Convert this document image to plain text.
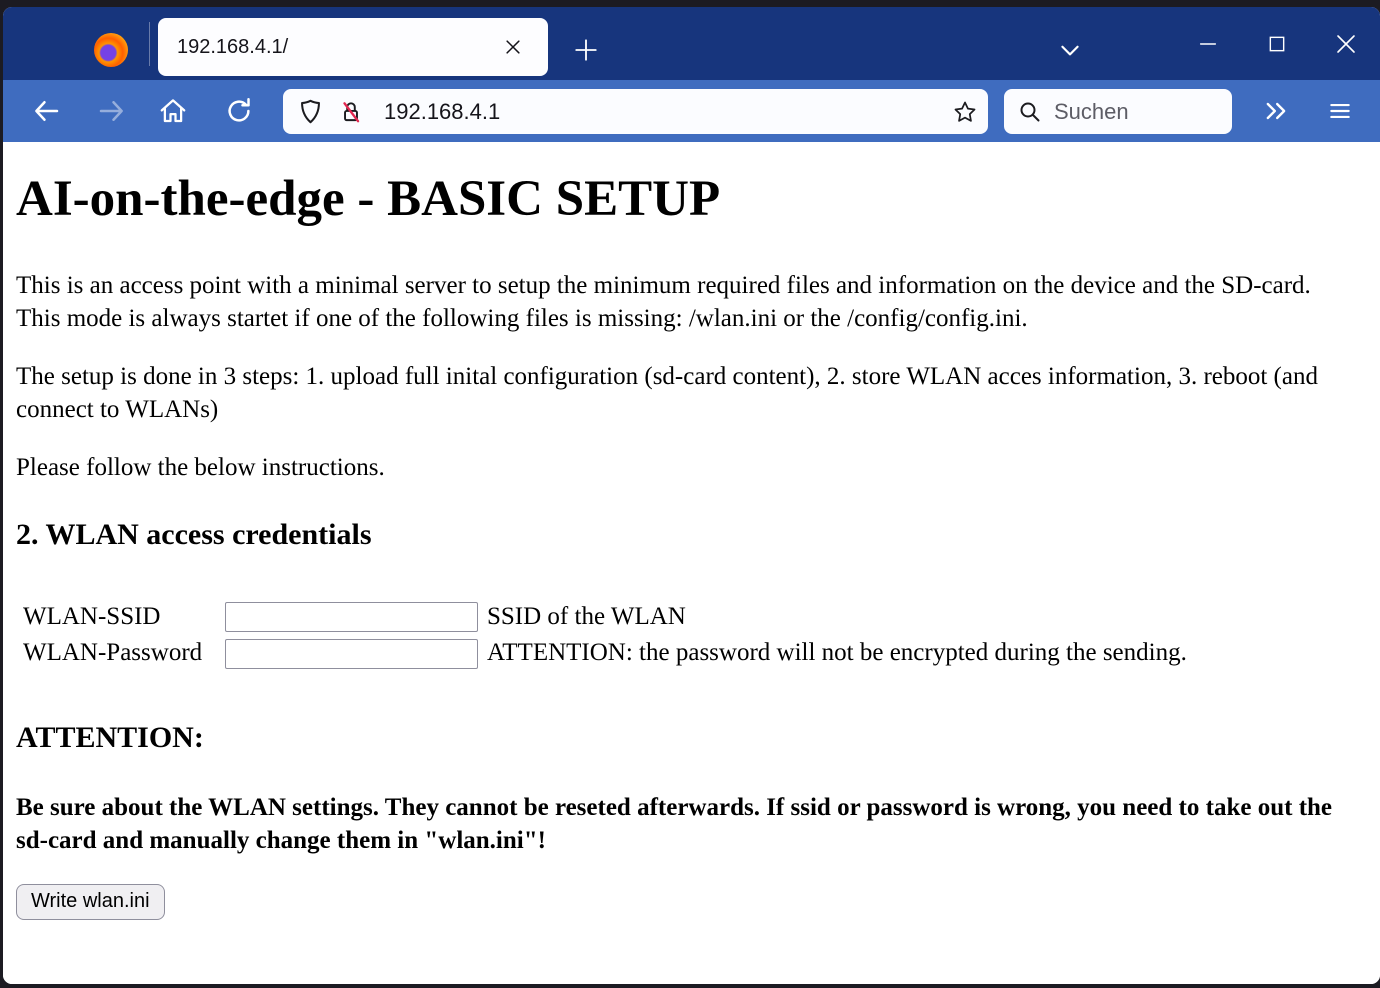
192.168.4.1/
192.168.4.1	Suchen
AI-on-the-edge - BASIC SETUP

This is an access point with a minimal server to setup the minimum required files and information on the device and the SD-card. This mode is always startet if one of the following files is missing: /wlan.ini or the /config/config.ini.

The setup is done in 3 steps: 1. upload full inital configuration (sd-card content), 2. store WLAN acces information, 3. reboot (and connect to WLANs)

Please follow the below instructions.

2. WLAN access credentials
WLAN-SSID		SSID of the WLAN
WLAN-Password		ATTENTION: the password will not be encrypted during the sending.
ATTENTION:

Be sure about the WLAN settings. They cannot be reseted afterwards. If ssid or password is wrong, you need to take out the sd-card and manually change them in "wlan.ini"!

Write wlan.ini
